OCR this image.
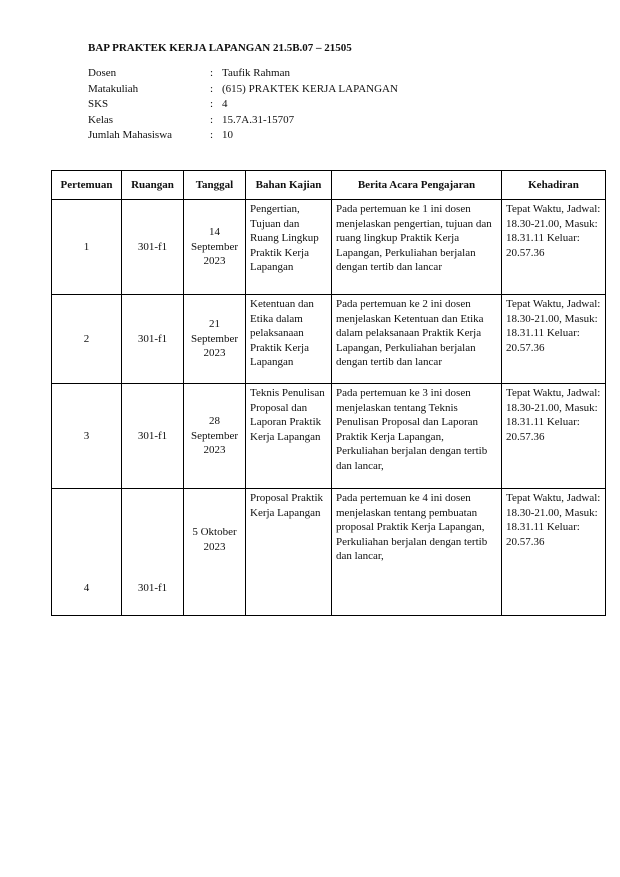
BAP PRAKTEK KERJA LAPANGAN 21.5B.07 – 21505
Dosen	: Taufik Rahman
Matakuliah	: (615) PRAKTEK KERJA LAPANGAN
SKS	: 4
Kelas	: 15.7A.31-15707
Jumlah Mahasiswa	: 10
Pertemuan	Ruangan	Tanggal	Bahan Kajian	Berita Acara Pengajaran	Kehadiran
1	301-f1	14 September 2023	Pengertian, Tujuan dan Ruang Lingkup Praktik Kerja Lapangan	Pada pertemuan ke 1 ini dosen menjelaskan pengertian, tujuan dan ruang lingkup Praktik Kerja Lapangan, Perkuliahan berjalan dengan tertib dan lancar	Tepat Waktu, Jadwal: 18.30-21.00, Masuk: 18.31.11 Keluar: 20.57.36
2	301-f1	21 September 2023	Ketentuan dan Etika dalam pelaksanaan Praktik Kerja Lapangan	Pada pertemuan ke 2 ini dosen menjelaskan Ketentuan dan Etika dalam pelaksanaan Praktik Kerja Lapangan, Perkuliahan berjalan dengan tertib dan lancar	Tepat Waktu, Jadwal: 18.30-21.00, Masuk: 18.31.11 Keluar: 20.57.36
3	301-f1	28 September 2023	Teknis Penulisan Proposal dan Laporan Praktik Kerja Lapangan	Pada pertemuan ke 3 ini dosen menjelaskan tentang Teknis Penulisan Proposal dan Laporan Praktik Kerja Lapangan, Perkuliahan berjalan dengan tertib dan lancar,	Tepat Waktu, Jadwal: 18.30-21.00, Masuk: 18.31.11 Keluar: 20.57.36
4	301-f1	5 Oktober 2023	Proposal Praktik Kerja Lapangan	Pada pertemuan ke 4 ini dosen menjelaskan tentang pembuatan proposal Praktik Kerja Lapangan, Perkuliahan berjalan dengan tertib dan lancar,	Tepat Waktu, Jadwal: 18.30-21.00, Masuk: 18.31.11 Keluar: 20.57.36
